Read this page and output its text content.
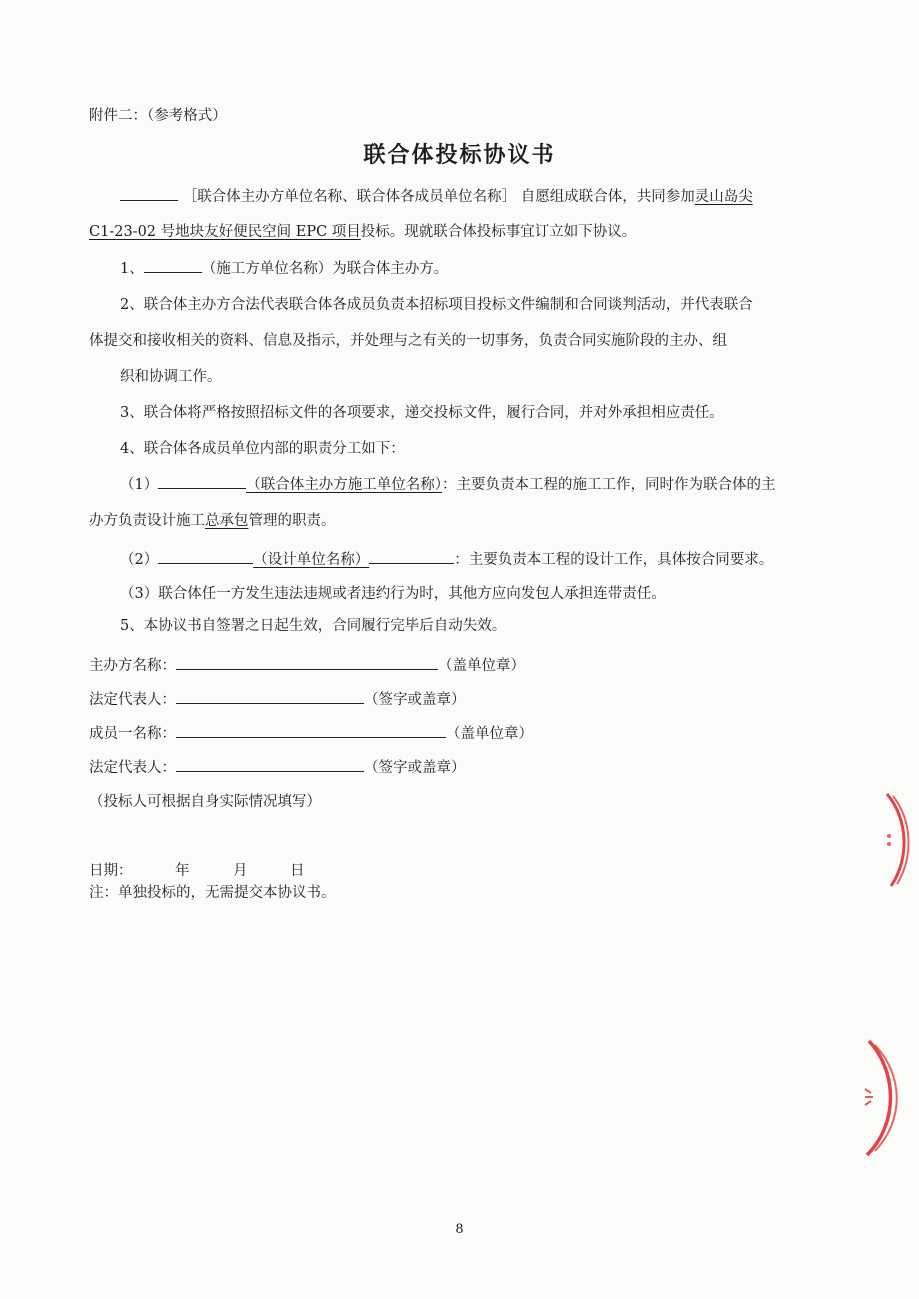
附件二：（参考格式）
联合体投标协议书
［联合体主办方单位名称、联合体各成员单位名称］ 自愿组成联合体，共同参加灵山岛尖
C1-23-02 号地块友好便民空间 EPC 项目投标。现就联合体投标事宜订立如下协议。
1、	（施工方单位名称）为联合体主办方。
2、联合体主办方合法代表联合体各成员负责本招标项目投标文件编制和合同谈判活动，并代表联合
体提交和接收相关的资料、信息及指示，并处理与之有关的一切事务，负责合同实施阶段的主办、组
织和协调工作。
3、联合体将严格按照招标文件的各项要求，递交投标文件，履行合同，并对外承担相应责任。
4、联合体各成员单位内部的职责分工如下：
（1）	（联合体主办方施工单位名称）：主要负责本工程的施工工作，同时作为联合体的主
办方负责设计施工总承包管理的职责。
（2）	（设计单位名称）	：主要负责本工程的设计工作，具体按合同要求。
（3）联合体任一方发生违法违规或者违约行为时，其他方应向发包人承担连带责任。
5、本协议书自签署之日起生效，合同履行完毕后自动失效。
主办方名称：	（盖单位章）
法定代表人：	（签字或盖章）
成员一名称：	（盖单位章）
法定代表人：	（签字或盖章）
（投标人可根据自身实际情况填写）
日期：	年	月	日
注：单独投标的，无需提交本协议书。
8
